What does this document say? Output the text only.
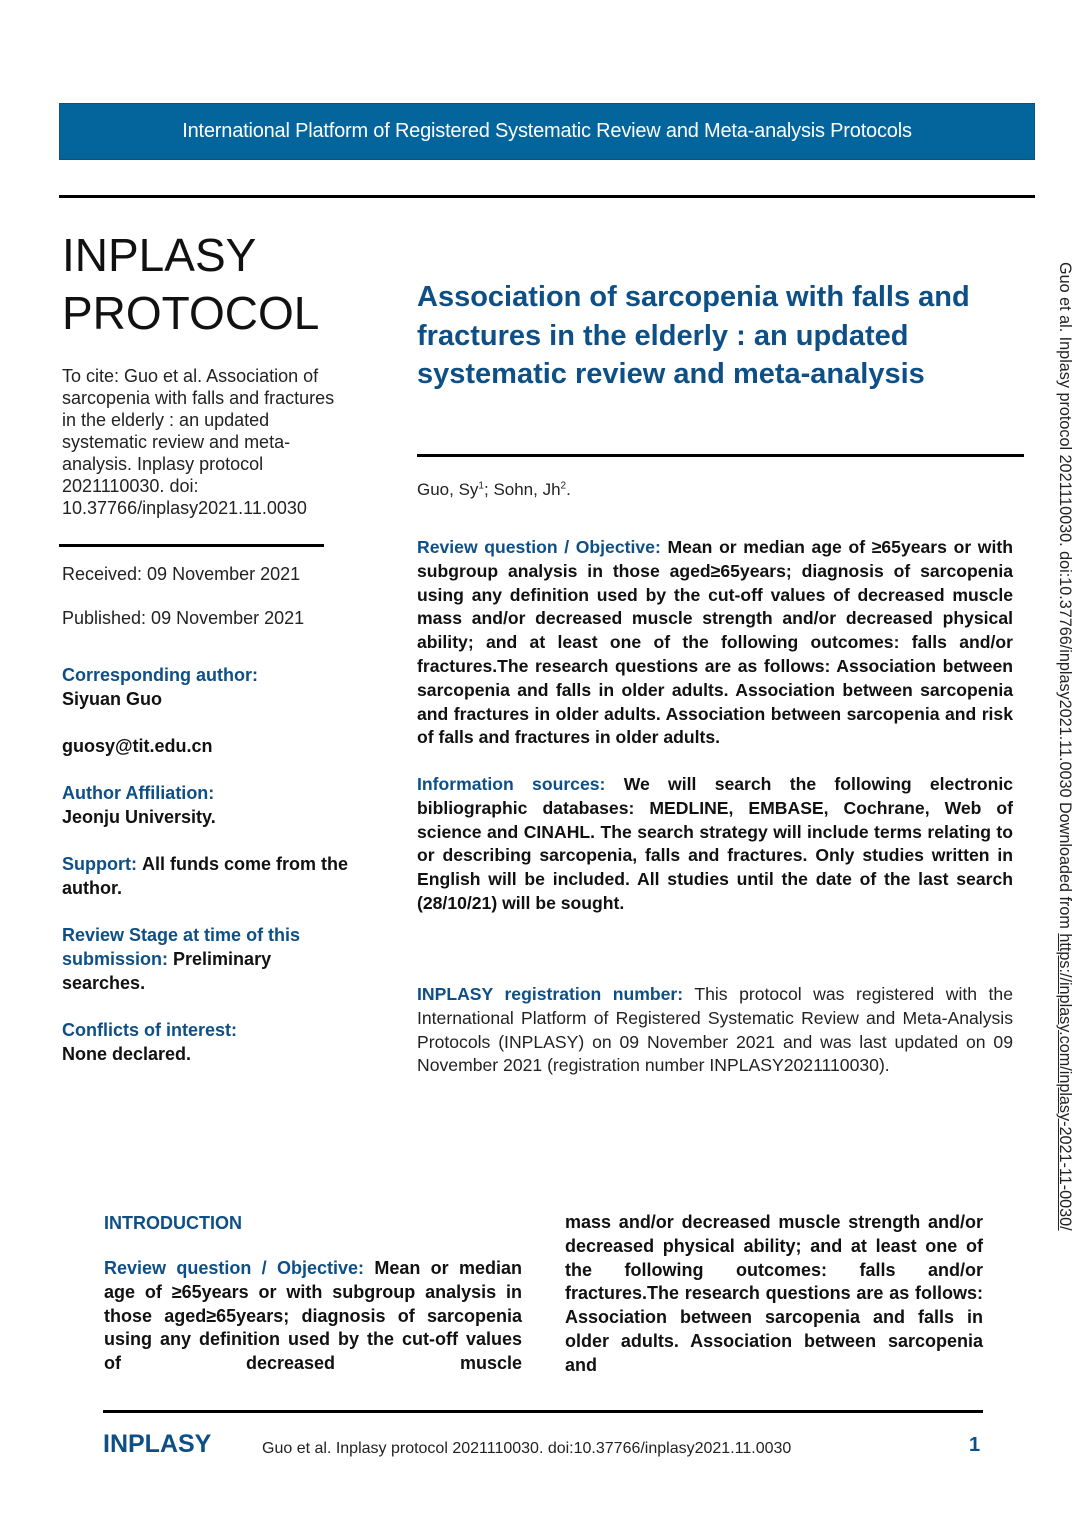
International Platform of Registered Systematic Review and Meta-analysis Protocols
INPLASY
PROTOCOL
To cite: Guo et al. Association of sarcopenia with falls and fractures in the elderly : an updated systematic review and meta-analysis. Inplasy protocol 2021110030. doi: 10.37766/inplasy2021.11.0030
Received: 09 November 2021
Published: 09 November 2021
Corresponding author:
Siyuan Guo
guosy@tit.edu.cn
Author Affiliation:
Jeonju University.
Support: All funds come from the author.
Review Stage at time of this submission: Preliminary searches.
Conflicts of interest:
None declared.
Association of sarcopenia with falls and fractures in the elderly : an updated systematic review and meta-analysis
Guo, Sy$^1$; Sohn, Jh$^2$.
Review question / Objective: Mean or median age of ≥65years or with subgroup analysis in those aged≥65years; diagnosis of sarcopenia using any definition used by the cut-off values of decreased muscle mass and/or decreased muscle strength and/or decreased physical ability; and at least one of the following outcomes: falls and/or fractures.The research questions are as follows: Association between sarcopenia and falls in older adults. Association between sarcopenia and fractures in older adults. Association between sarcopenia and risk of falls and fractures in older adults.
Information sources: We will search the following electronic bibliographic databases: MEDLINE, EMBASE, Cochrane, Web of science and CINAHL. The search strategy will include terms relating to or describing sarcopenia, falls and fractures. Only studies written in English will be included. All studies until the date of the last search (28/10/21) will be sought.
INPLASY registration number: This protocol was registered with the International Platform of Registered Systematic Review and Meta-Analysis Protocols (INPLASY) on 09 November 2021 and was last updated on 09 November 2021 (registration number INPLASY2021110030).
Guo et al. Inplasy protocol 2021110030. doi:10.37766/inplasy2021.11.0030 Downloaded from https://inplasy.com/inplasy-2021-11-0030/
INTRODUCTION
Review question / Objective: Mean or median age of ≥65years or with subgroup analysis in those aged≥65years; diagnosis of sarcopenia using any definition used by the cut-off values of decreased muscle
mass and/or decreased muscle strength and/or decreased physical ability; and at least one of the following outcomes: falls and/or fractures.The research questions are as follows: Association between sarcopenia and falls in older adults. Association between sarcopenia and
INPLASY	Guo et al. Inplasy protocol 2021110030. doi:10.37766/inplasy2021.11.0030	1
